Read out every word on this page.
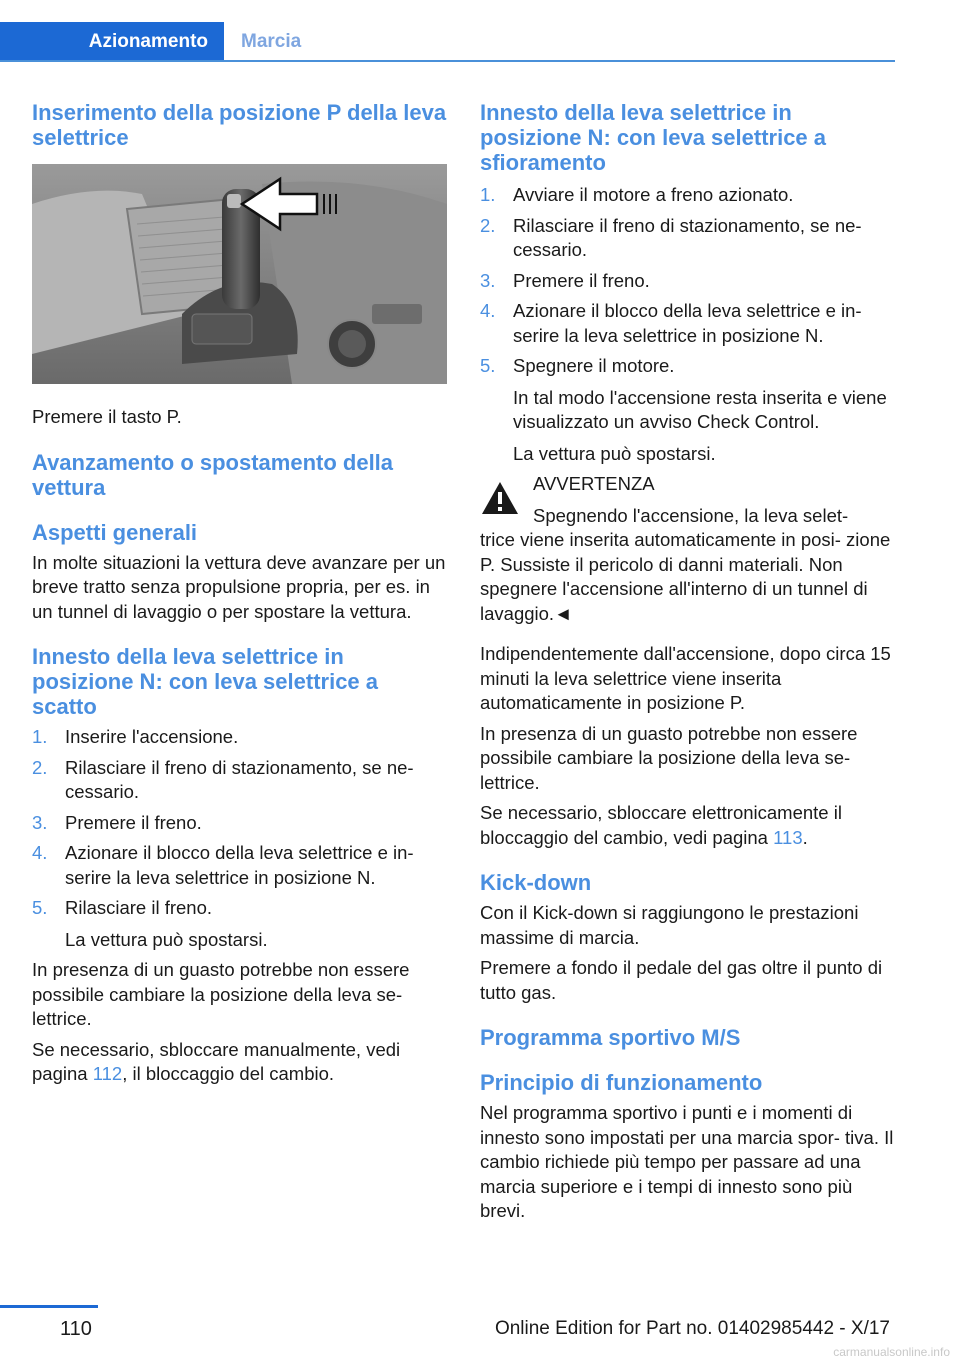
Azionamento	Marcia
Inserimento della posizione P della leva selettrice

Premere il tasto P.

Avanzamento o spostamento della vettura
Aspetti generali

In molte situazioni la vettura deve avanzare per un breve tratto senza propulsione propria, per es. in un tunnel di lavaggio o per spostare la vettura.

Innesto della leva selettrice in posizione N: con leva selettrice a scatto
1. Inserire l'accensione.
2. Rilasciare il freno di stazionamento, se ne‐ cessario.
3. Premere il freno.
4. Azionare il blocco della leva selettrice e in‐ serire la leva selettrice in posizione N.
5. Rilasciare il freno.
La vettura può spostarsi.

In presenza di un guasto potrebbe non essere possibile cambiare la posizione della leva se‐ lettrice.

Se necessario, sbloccare manualmente, vedi pagina 112, il bloccaggio del cambio.

Innesto della leva selettrice in posizione N: con leva selettrice a sfioramento
1. Avviare il motore a freno azionato.
2. Rilasciare il freno di stazionamento, se ne‐ cessario.
3. Premere il freno.
4. Azionare il blocco della leva selettrice e in‐ serire la leva selettrice in posizione N.
5. Spegnere il motore.
In tal modo l'accensione resta inserita e viene visualizzato un avviso Check Control.
La vettura può spostarsi.
AVVERTENZA
Spegnendo l'accensione, la leva selet‐

trice viene inserita automaticamente in posi‐ zione P. Sussiste il pericolo di danni materiali. Non spegnere l'accensione all'interno di un tunnel di lavaggio.◄

Indipendentemente dall'accensione, dopo circa 15 minuti la leva selettrice viene inserita automaticamente in posizione P.

In presenza di un guasto potrebbe non essere possibile cambiare la posizione della leva se‐ lettrice.

Se necessario, sbloccare elettronicamente il bloccaggio del cambio, vedi pagina 113.

Kick-down

Con il Kick-down si raggiungono le prestazioni massime di marcia.

Premere a fondo il pedale del gas oltre il punto di tutto gas.

Programma sportivo M/S
Principio di funzionamento

Nel programma sportivo i punti e i momenti di innesto sono impostati per una marcia spor‐ tiva. Il cambio richiede più tempo per passare ad una marcia superiore e i tempi di innesto sono più brevi.

110	Online Edition for Part no. 01402985442 - X/17
carmanualsonline.info
